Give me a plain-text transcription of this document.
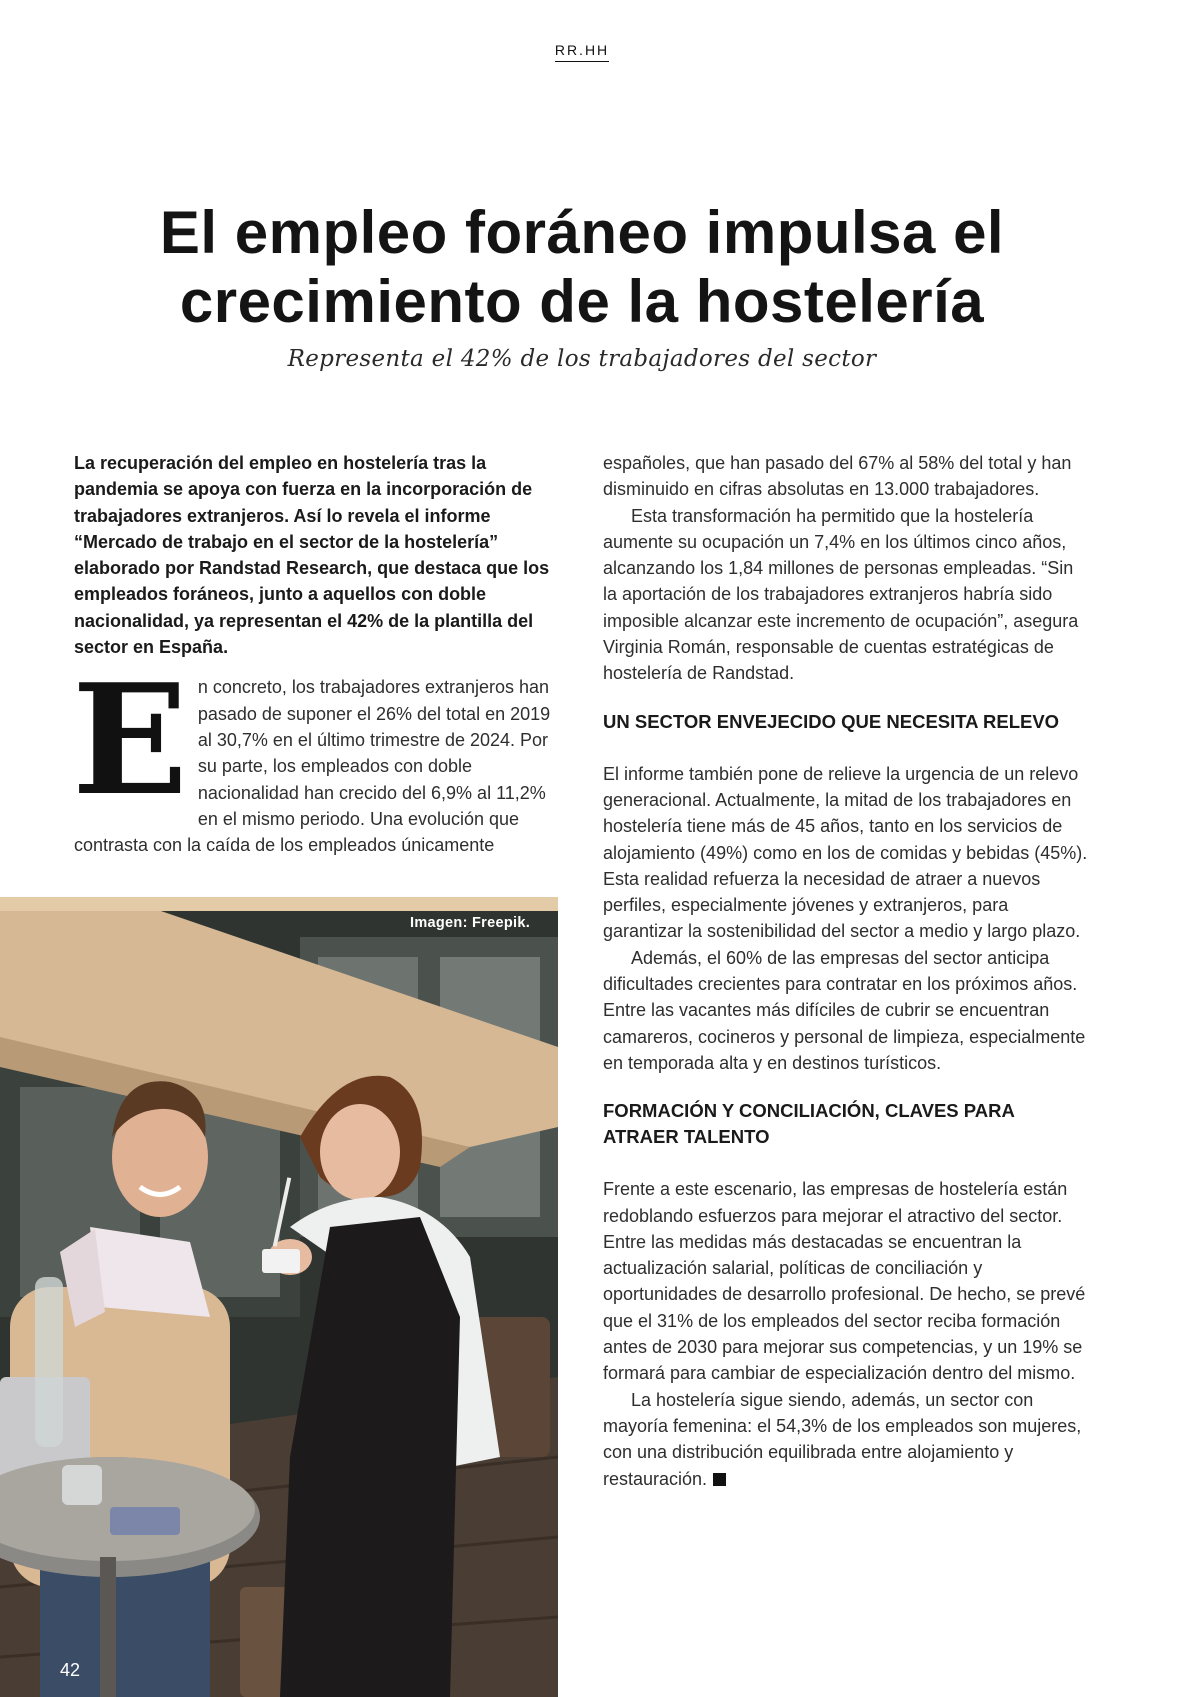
RR.HH
El empleo foráneo impulsa el crecimiento de la hostelería

Representa el 42% de los trabajadores del sector

La recuperación del empleo en hostelería tras la pandemia se apoya con fuerza en la incorporación de trabajadores extranjeros. Así lo revela el informe “Mercado de trabajo en el sector de la hostelería” elaborado por Randstad Research, que destaca que los empleados foráneos, junto a aquellos con doble nacionalidad, ya representan el 42% de la plantilla del sector en España.

E n concreto, los trabajadores extranjeros han pasado de suponer el 26% del total en 2019 al 30,7% en el último trimestre de 2024. Por su parte, los empleados con doble nacionalidad han crecido del 6,9% al 11,2% en el mismo periodo. Una evolución que contrasta con la caída de los empleados únicamente

españoles, que han pasado del 67% al 58% del total y han disminuido en cifras absolutas en 13.000 trabajadores.

Esta transformación ha permitido que la hostelería aumente su ocupación un 7,4% en los últimos cinco años, alcanzando los 1,84 millones de personas empleadas. “Sin la aportación de los trabajadores extranjeros habría sido imposible alcanzar este incremento de ocupación”, asegura Virginia Román, responsable de cuentas estratégicas de hostelería de Randstad.

UN SECTOR ENVEJECIDO QUE NECESITA RELEVO

El informe también pone de relieve la urgencia de un relevo generacional. Actualmente, la mitad de los trabajadores en hostelería tiene más de 45 años, tanto en los servicios de alojamiento (49%) como en los de comidas y bebidas (45%). Esta realidad refuerza la necesidad de atraer a nuevos perfiles, especialmente jóvenes y extranjeros, para garantizar la sostenibilidad del sector a medio y largo plazo.

Además, el 60% de las empresas del sector anticipa dificultades crecientes para contratar en los próximos años. Entre las vacantes más difíciles de cubrir se encuentran camareros, cocineros y personal de limpieza, especialmente en temporada alta y en destinos turísticos.

FORMACIÓN Y CONCILIACIÓN, CLAVES PARA ATRAER TALENTO

Frente a este escenario, las empresas de hostelería están redoblando esfuerzos para mejorar el atractivo del sector. Entre las medidas más destacadas se encuentran la actualización salarial, políticas de conciliación y oportunidades de desarrollo profesional. De hecho, se prevé que el 31% de los empleados del sector reciba formación antes de 2030 para mejorar sus competencias, y un 19% se formará para cambiar de especialización dentro del mismo.

La hostelería sigue siendo, además, un sector con mayoría femenina: el 54,3% de los empleados son mujeres, con una distribución equilibrada entre alojamiento y restauración.

Imagen: Freepik.
42
